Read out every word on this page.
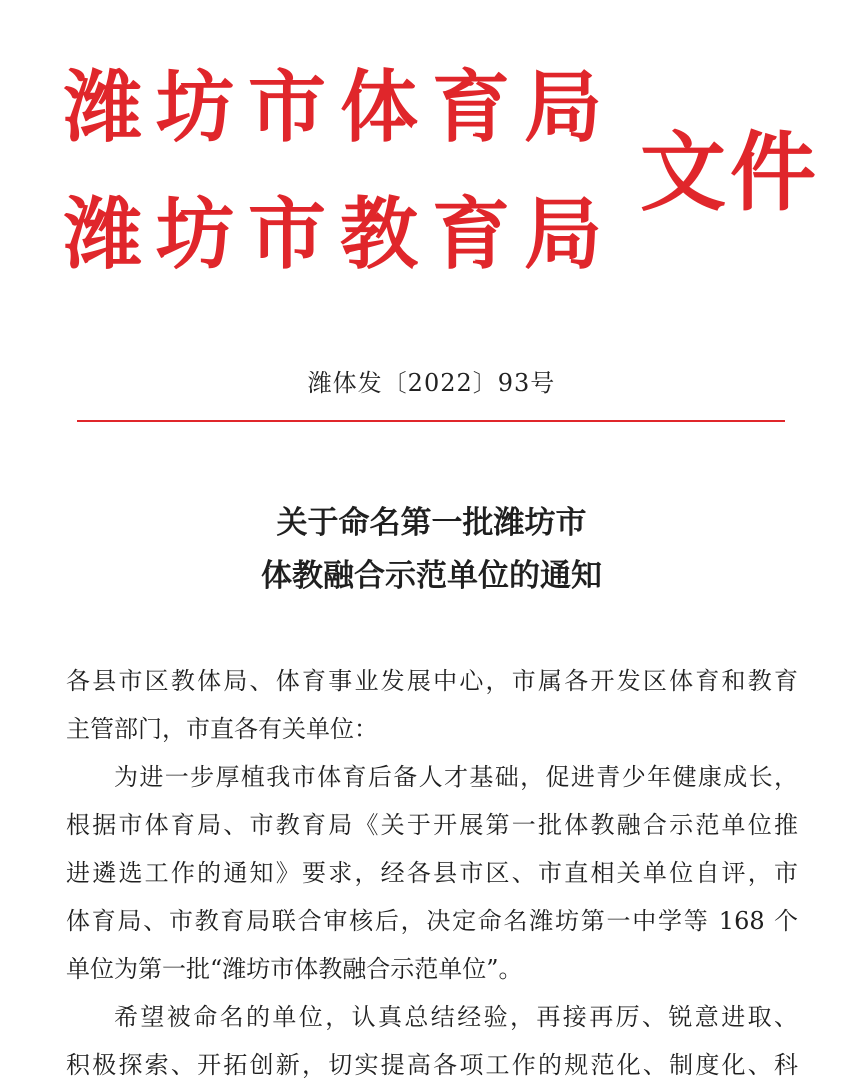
潍坊市体育局
潍坊市教育局
文件
潍体发〔2022〕93号
关于命名第一批潍坊市
体教融合示范单位的通知
各县市区教体局、体育事业发展中心，市属各开发区体育和教育
主管部门，市直各有关单位：
为进一步厚植我市体育后备人才基础，促进青少年健康成长，
根据市体育局、市教育局《关于开展第一批体教融合示范单位推
进遴选工作的通知》要求，经各县市区、市直相关单位自评，市
体育局、市教育局联合审核后，决定命名潍坊第一中学等 168 个
单位为第一批“潍坊市体教融合示范单位”。
希望被命名的单位，认真总结经验，再接再厉、锐意进取、
积极探索、开拓创新，切实提高各项工作的规范化、制度化、科
